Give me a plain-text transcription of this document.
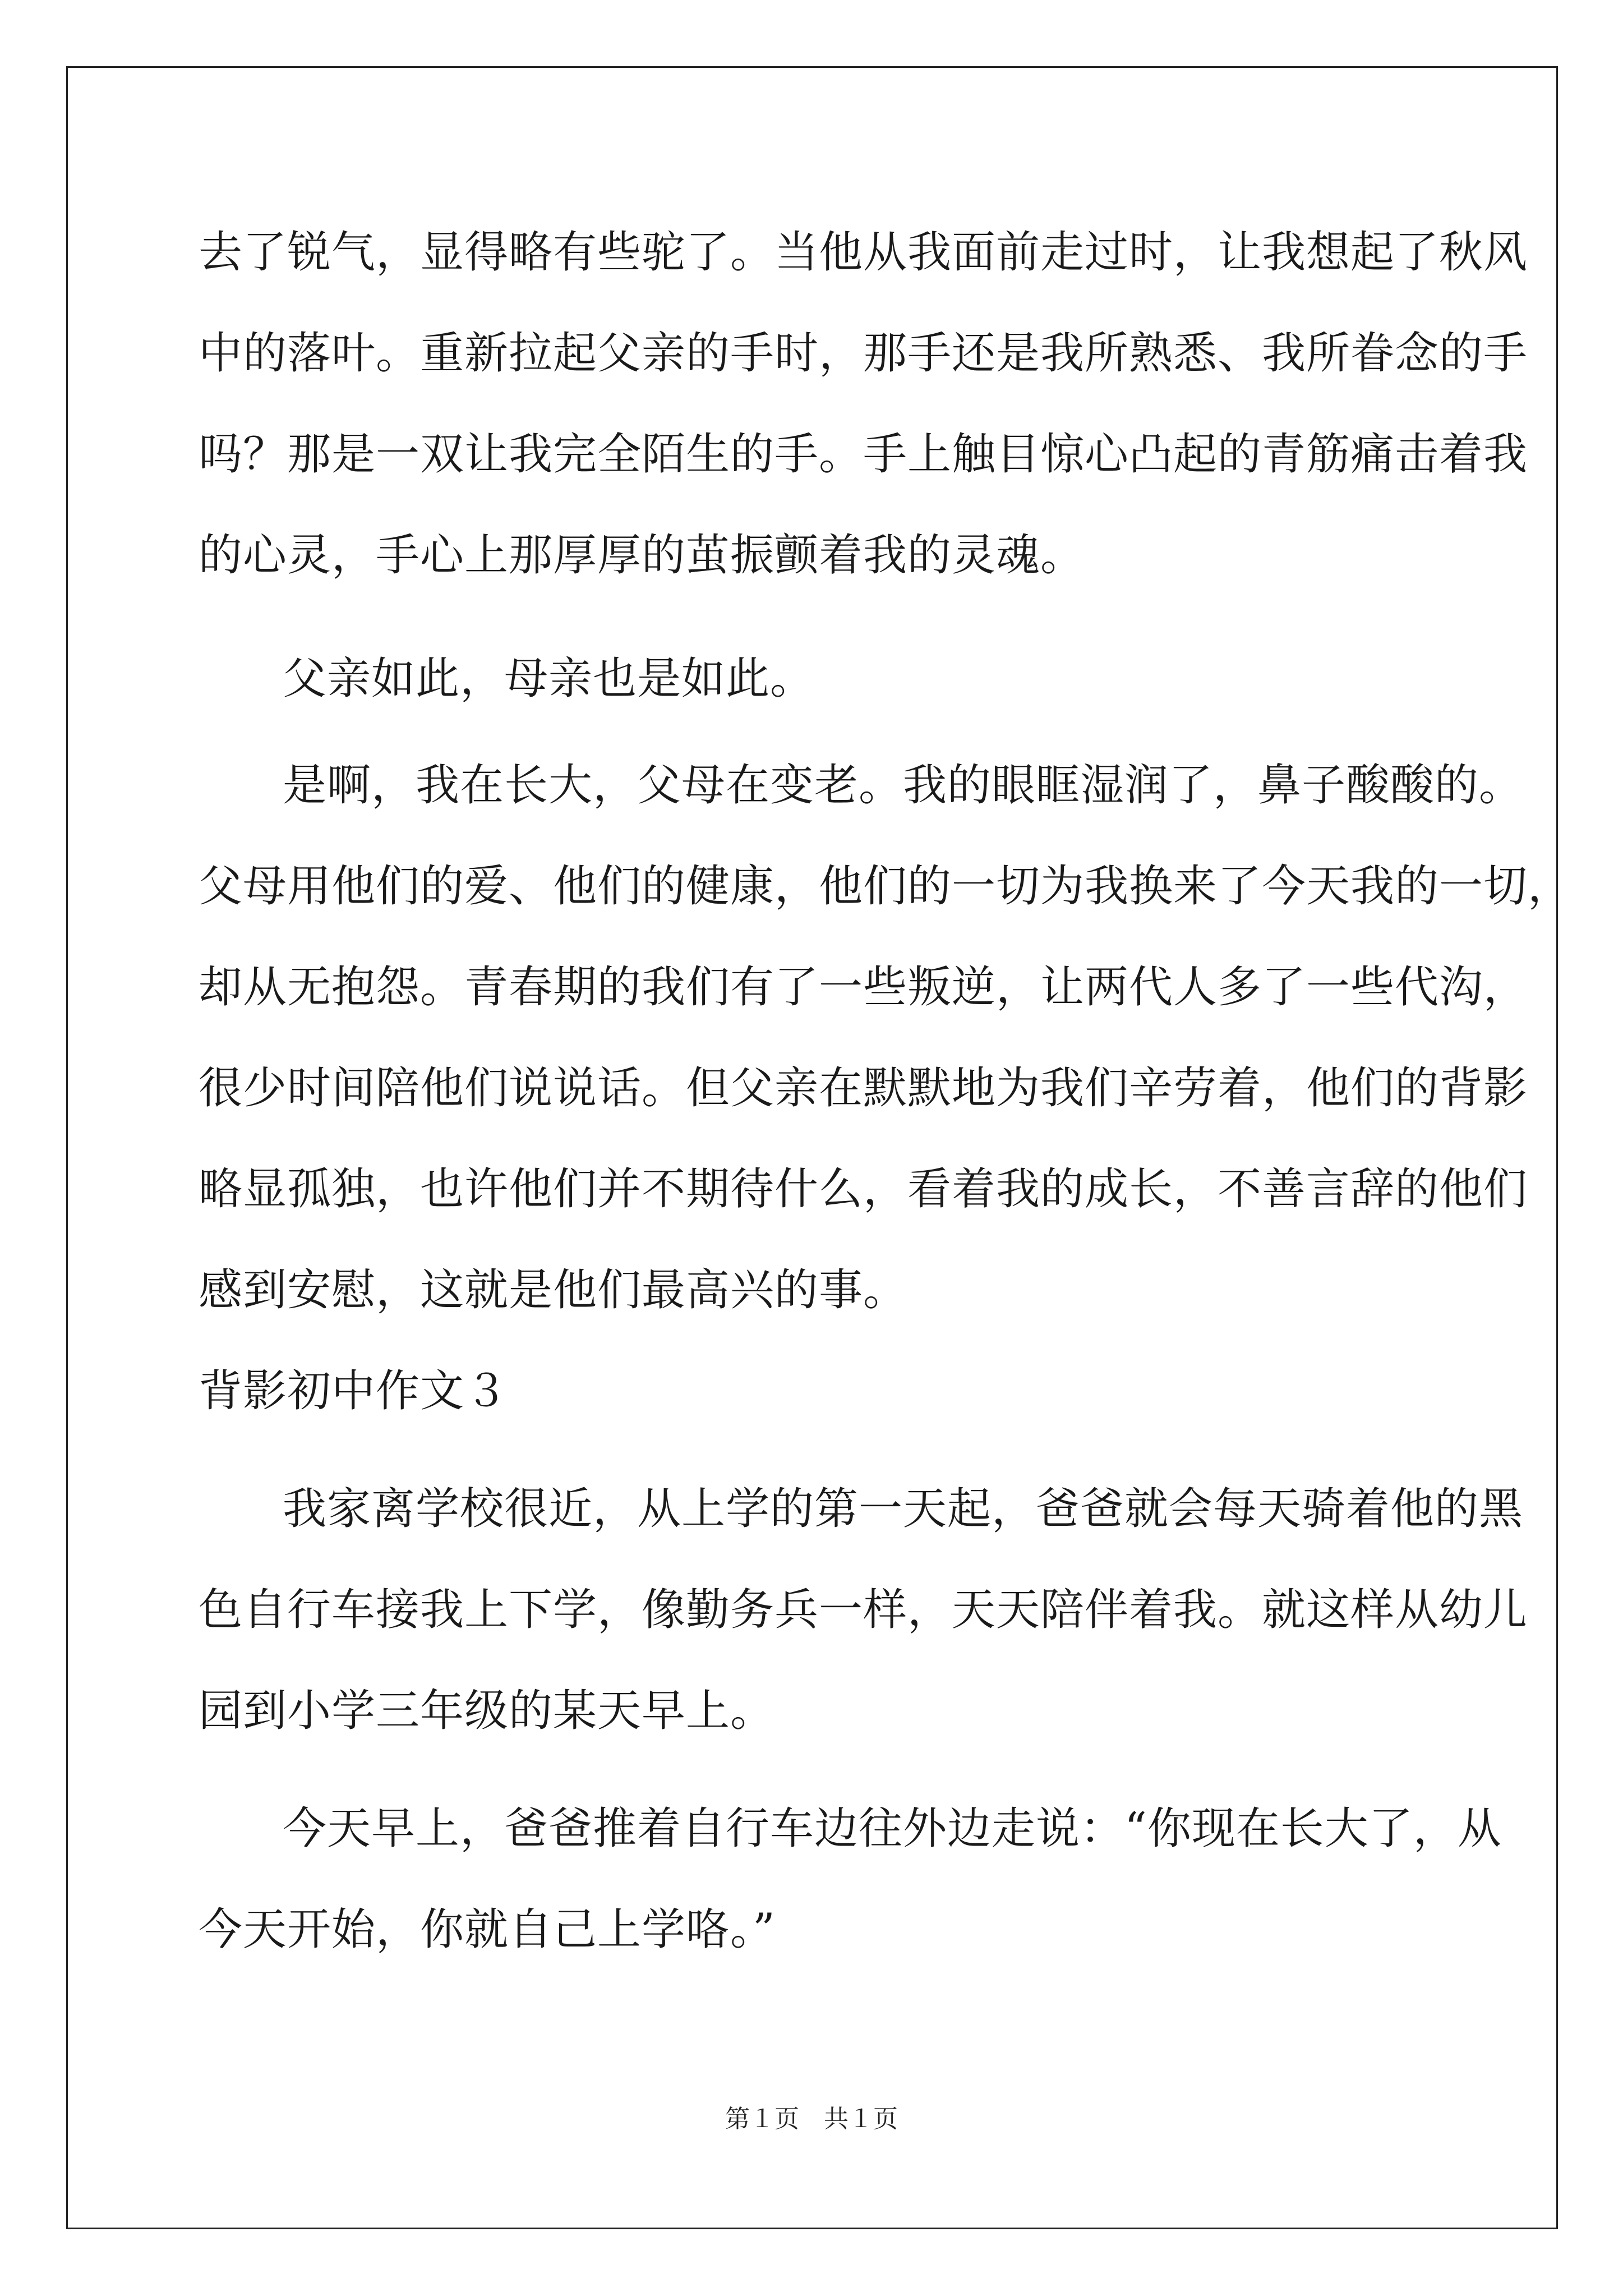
去了锐气，显得略有些驼了。当他从我面前走过时，让我想起了秋风
中的落叶。重新拉起父亲的手时，那手还是我所熟悉、我所眷念的手
吗？那是一双让我完全陌生的手。手上触目惊心凸起的青筋痛击着我
的心灵，手心上那厚厚的茧振颤着我的灵魂。
父亲如此，母亲也是如此。
是啊，我在长大，父母在变老。我的眼眶湿润了，鼻子酸酸的。
父母用他们的爱、他们的健康，他们的一切为我换来了今天我的一切，
却从无抱怨。青春期的我们有了一些叛逆，让两代人多了一些代沟，
很少时间陪他们说说话。但父亲在默默地为我们辛劳着，他们的背影
略显孤独，也许他们并不期待什么，看着我的成长，不善言辞的他们
感到安慰，这就是他们最高兴的事。
背影初中作文３
我家离学校很近，从上学的第一天起，爸爸就会每天骑着他的黑
色自行车接我上下学，像勤务兵一样，天天陪伴着我。就这样从幼儿
园到小学三年级的某天早上。
今天早上，爸爸推着自行车边往外边走说：“你现在长大了，从
今天开始，你就自己上学咯。”
第１页 共１页
